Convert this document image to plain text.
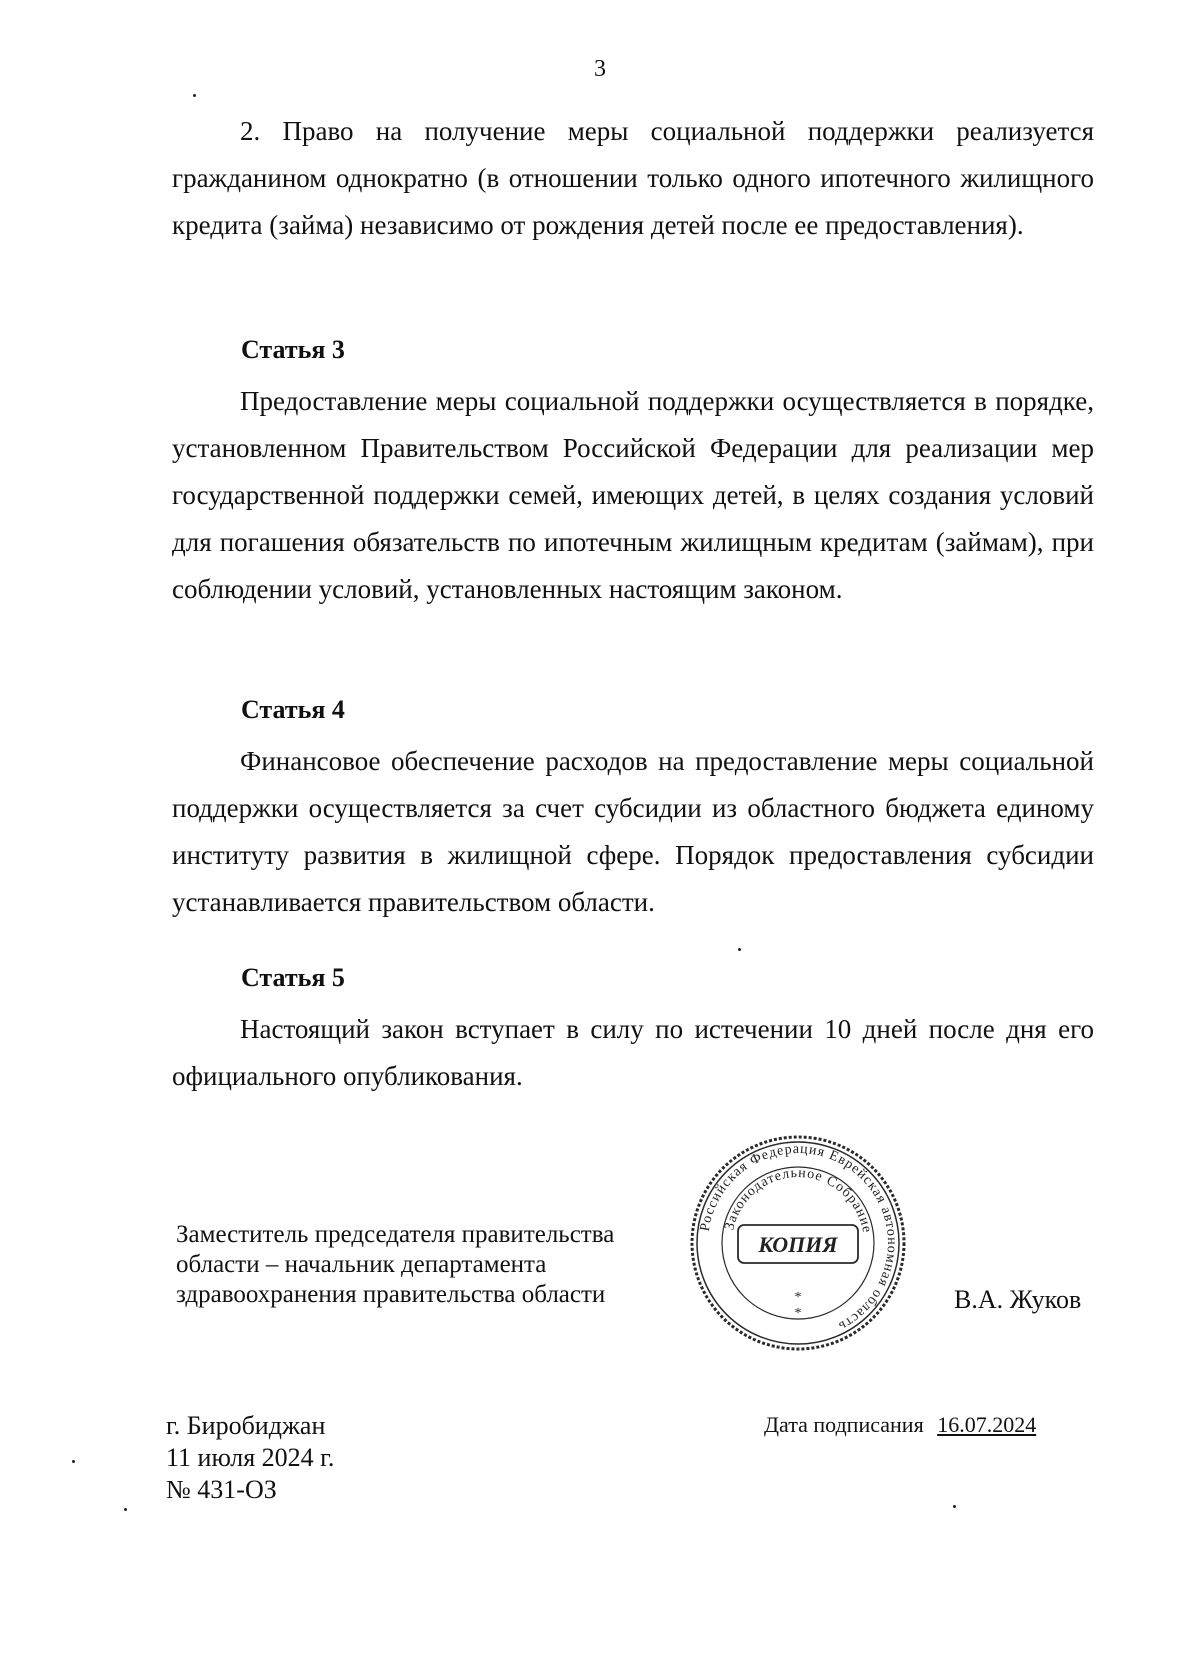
3

2. Право на получение меры социальной поддержки реализуется гражданином однократно (в отношении только одного ипотечного жилищного кредита (займа) независимо от рождения детей после ее предоставления).

Статья 3

Предоставление меры социальной поддержки осуществляется в порядке, установленном Правительством Российской Федерации для реализации мер государственной поддержки семей, имеющих детей, в целях создания условий для погашения обязательств по ипотечным жилищным кредитам (займам), при соблюдении условий, установленных настоящим законом.

Статья 4

Финансовое обеспечение расходов на предоставление меры социальной поддержки осуществляется за счет субсидии из областного бюджета единому институту развития в жилищной сфере. Порядок предоставления субсидии устанавливается правительством области.

Статья 5

Настоящий закон вступает в силу по истечении 10 дней после дня его официального опубликования.

Заместитель председателя правительства
области – начальник департамента
здравоохранения правительства области
Российская Федерация Еврейская автономная область
Законодательное Собрание
КОПИЯ
*
*	В.А. Жуков
г. Биробиджан
11 июля 2024 г.
№ 431-ОЗ
Дата подписания 16.07.2024
